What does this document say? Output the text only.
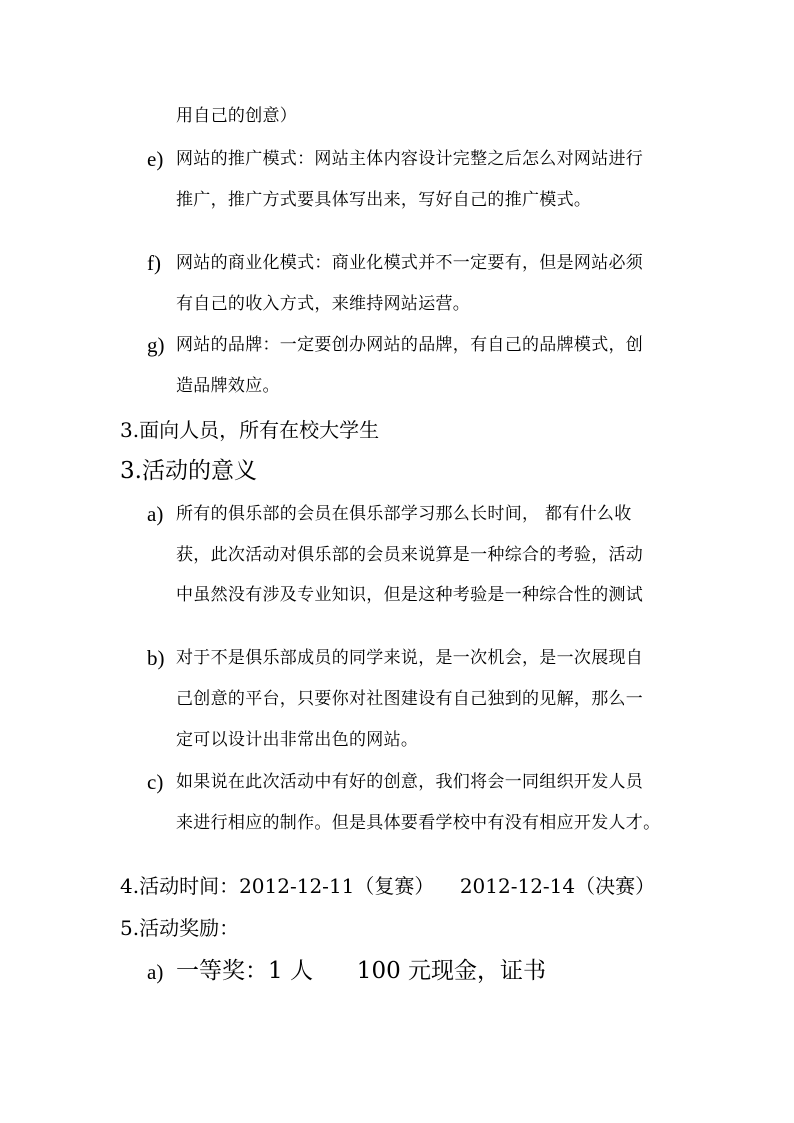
用自己的创意）
e) 网站的推广模式：网站主体内容设计完整之后怎么对网站进行
推广，推广方式要具体写出来，写好自己的推广模式。
f) 网站的商业化模式：商业化模式并不一定要有，但是网站必须
有自己的收入方式，来维持网站运营。
g) 网站的品牌：一定要创办网站的品牌，有自己的品牌模式，创
造品牌效应。
3.面向人员，所有在校大学生
3.活动的意义
a) 所有的俱乐部的会员在俱乐部学习那么长时间， 都有什么收
获，此次活动对俱乐部的会员来说算是一种综合的考验，活动
中虽然没有涉及专业知识，但是这种考验是一种综合性的测试
b) 对于不是俱乐部成员的同学来说，是一次机会，是一次展现自
己创意的平台，只要你对社图建设有自己独到的见解，那么一
定可以设计出非常出色的网站。
c) 如果说在此次活动中有好的创意，我们将会一同组织开发人员
来进行相应的制作。但是具体要看学校中有没有相应开发人才。
4.活动时间：2012-12-11（复赛）    2012-12-14（决赛）
5.活动奖励：
a) 一等奖：1 人      100 元现金，证书
